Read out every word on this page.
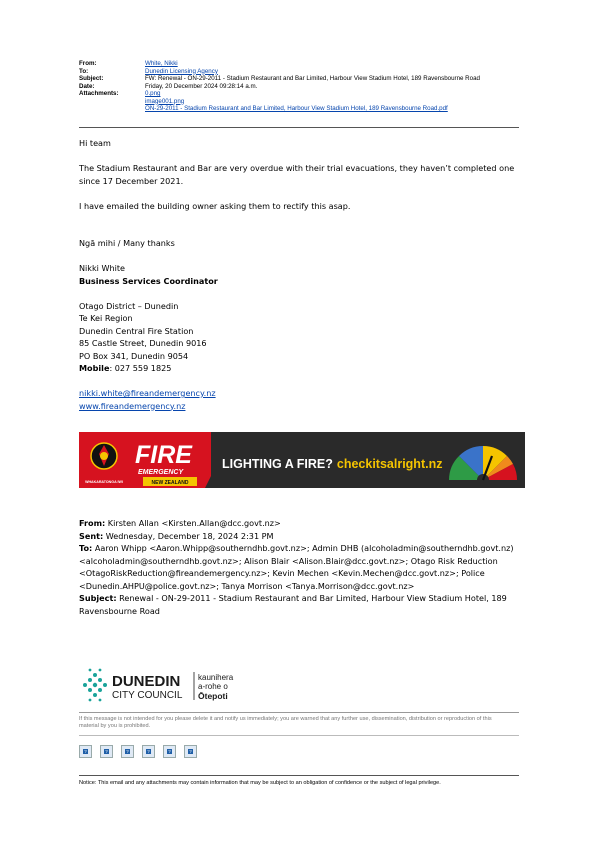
From:	White, Nikki
To:	Dunedin Licensing Agency
Subject:	FW: Renewal - ON-29-2011 - Stadium Restaurant and Bar Limited, Harbour View Stadium Hotel, 189 Ravensbourne Road
Date:	Friday, 20 December 2024 09:28:14 a.m.
Attachments:	0.png
image001.png
ON-29-2011 - Stadium Restaurant and Bar Limited, Harbour View Stadium Hotel, 189 Ravensbourne Road.pdf

Hi team

The Stadium Restaurant and Bar are very overdue with their trial evacuations, they haven’t completed one since 17 December 2021.

I have emailed the building owner asking them to rectify this asap.

Ngā mihi / Many thanks

Nikki White

Business Services Coordinator

Otago District – Dunedin

Te Kei Region

Dunedin Central Fire Station

85 Castle Street, Dunedin 9016

PO Box 341, Dunedin 9054

Mobile: 027 559 1825

nikki.white@fireandemergency.nz

www.fireandemergency.nz

WHAKARATONGA IWI
FIRE
EMERGENCY
NEW ZEALAND
LIGHTING A FIRE? checkitsalright.nz

From: Kirsten Allan <Kirsten.Allan@dcc.govt.nz>

Sent: Wednesday, December 18, 2024 2:31 PM

To: Aaron Whipp <Aaron.Whipp@southerndhb.govt.nz>; Admin DHB (alcoholadmin@southerndhb.govt.nz) <alcoholadmin@southerndhb.govt.nz>; Alison Blair <Alison.Blair@dcc.govt.nz>; Otago Risk Reduction <OtagoRiskReduction@fireandemergency.nz>; Kevin Mechen <Kevin.Mechen@dcc.govt.nz>; Police <Dunedin.AHPU@police.govt.nz>; Tanya Morrison <Tanya.Morrison@dcc.govt.nz>

Subject: Renewal - ON-29-2011 - Stadium Restaurant and Bar Limited, Harbour View Stadium Hotel, 189 Ravensbourne Road

DUNEDIN
CITY COUNCIL
kaunihera
a-rohe o
Ōtepoti
If this message is not intended for you please delete it and notify us immediately; you are warned that any further use, dissemination, distribution or reproduction of this material by you is prohibited.
?	?	?	?	?	?
Notice: This email and any attachments may contain information that may be subject to an obligation of confidence or the subject of legal privilege.
